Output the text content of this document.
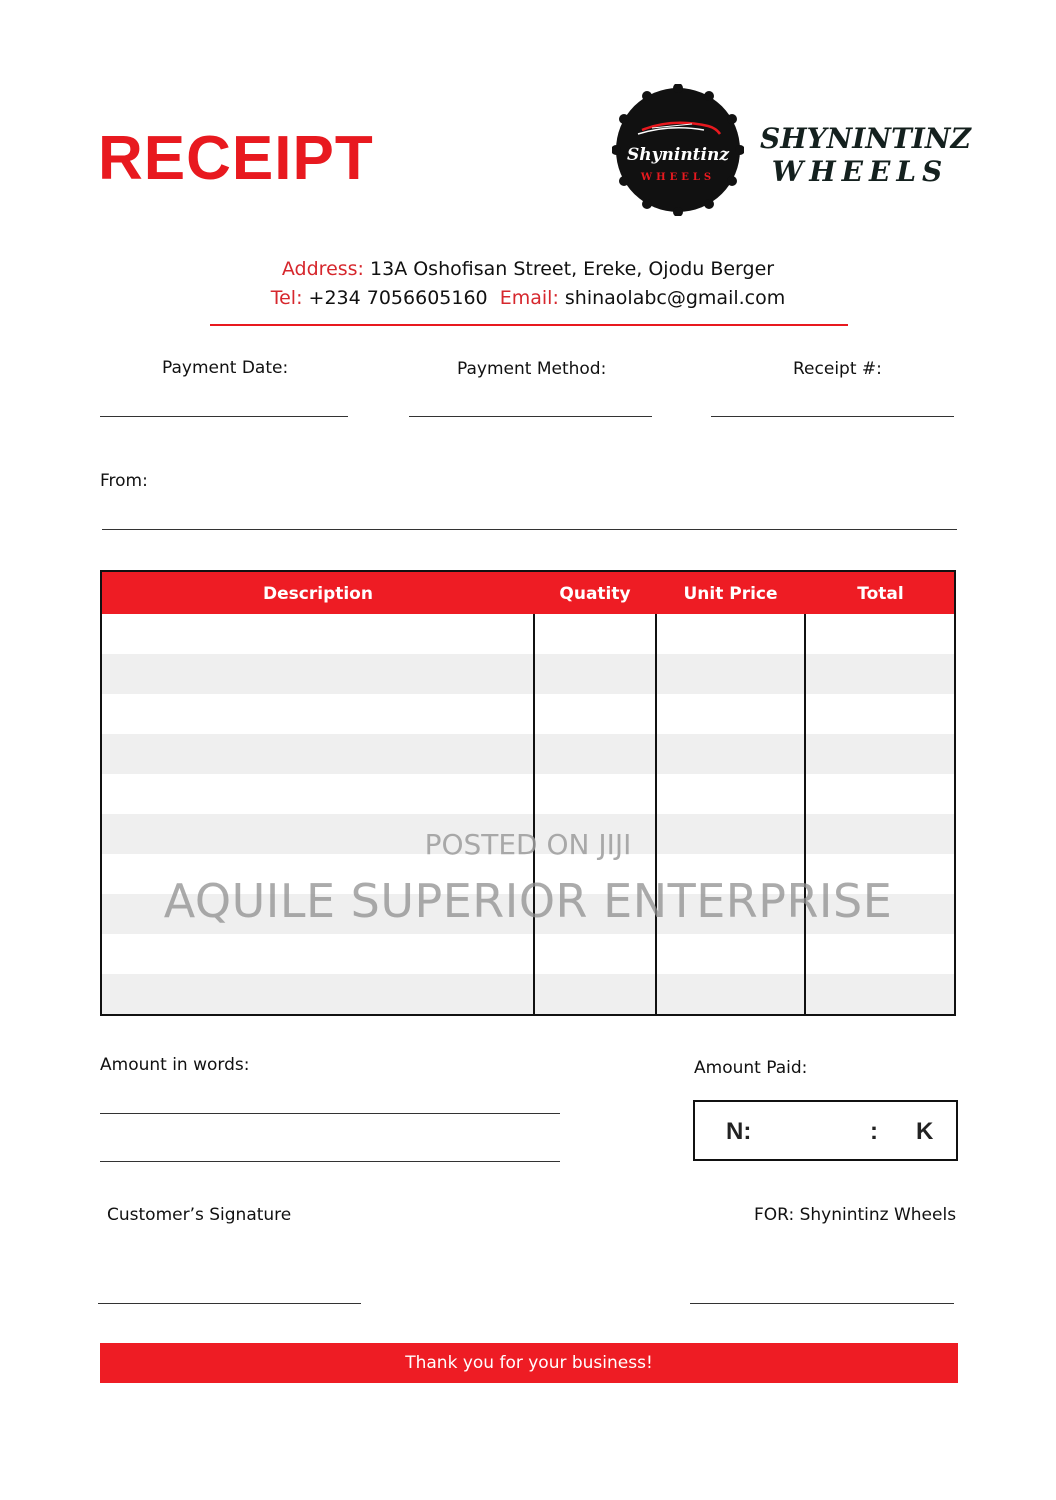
RECEIPT	Shynintinz
WHEELS
SHYNINTINZ
WHEELS
Address: 13A Oshofisan Street, Ereke, Ojodu Berger
Tel: +234 7056605160 Email: shinaolabc@gmail.com
Payment Date:	Payment Method:	Receipt #:
From:
Description	Quatity	Unit Price	Total
POSTED ON JIJI
AQUILE SUPERIOR ENTERPRISE
Amount in words:	Amount Paid:
N:	: K
Customer’s Signature	FOR: Shynintinz Wheels
Thank you for your business!
